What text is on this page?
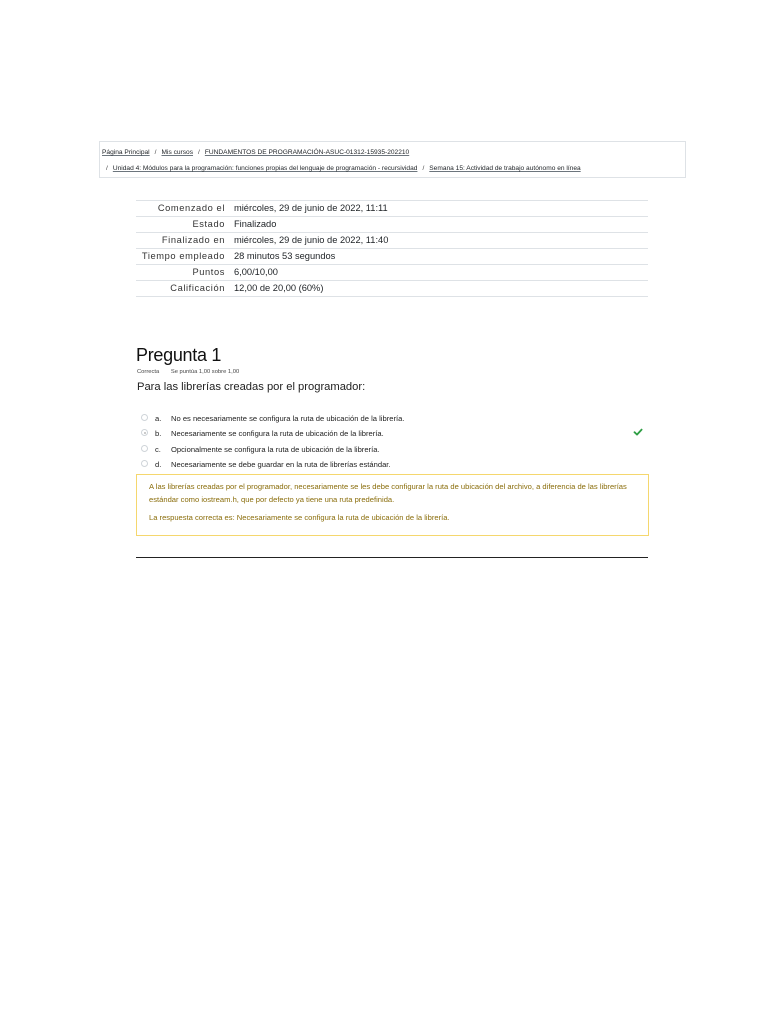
Página Principal / Mis cursos / FUNDAMENTOS DE PROGRAMACIÓN-ASUC-01312-15935-202210
/ Unidad 4: Módulos para la programación: funciones propias del lenguaje de programación - recursividad / Semana 15: Actividad de trabajo autónomo en línea
Comenzado el miércoles, 29 de junio de 2022, 11:11
Estado Finalizado
Finalizado en miércoles, 29 de junio de 2022, 11:40
Tiempo empleado 28 minutos 53 segundos
Puntos 6,00/10,00
Calificación 12,00 de 20,00 (60%)
Pregunta 1
Correcta Se puntúa 1,00 sobre 1,00
Para las librerías creadas por el programador:
a. No es necesariamente se configura la ruta de ubicación de la librería.
b. Necesariamente se configura la ruta de ubicación de la librería.
c. Opcionalmente se configura la ruta de ubicación de la librería.
d. Necesariamente se debe guardar en la ruta de librerías estándar.

A las librerías creadas por el programador, necesariamente se les debe configurar la ruta de ubicación del archivo, a diferencia de las librerías estándar como iostream.h, que por defecto ya tiene una ruta predefinida.

La respuesta correcta es: Necesariamente se configura la ruta de ubicación de la librería.
